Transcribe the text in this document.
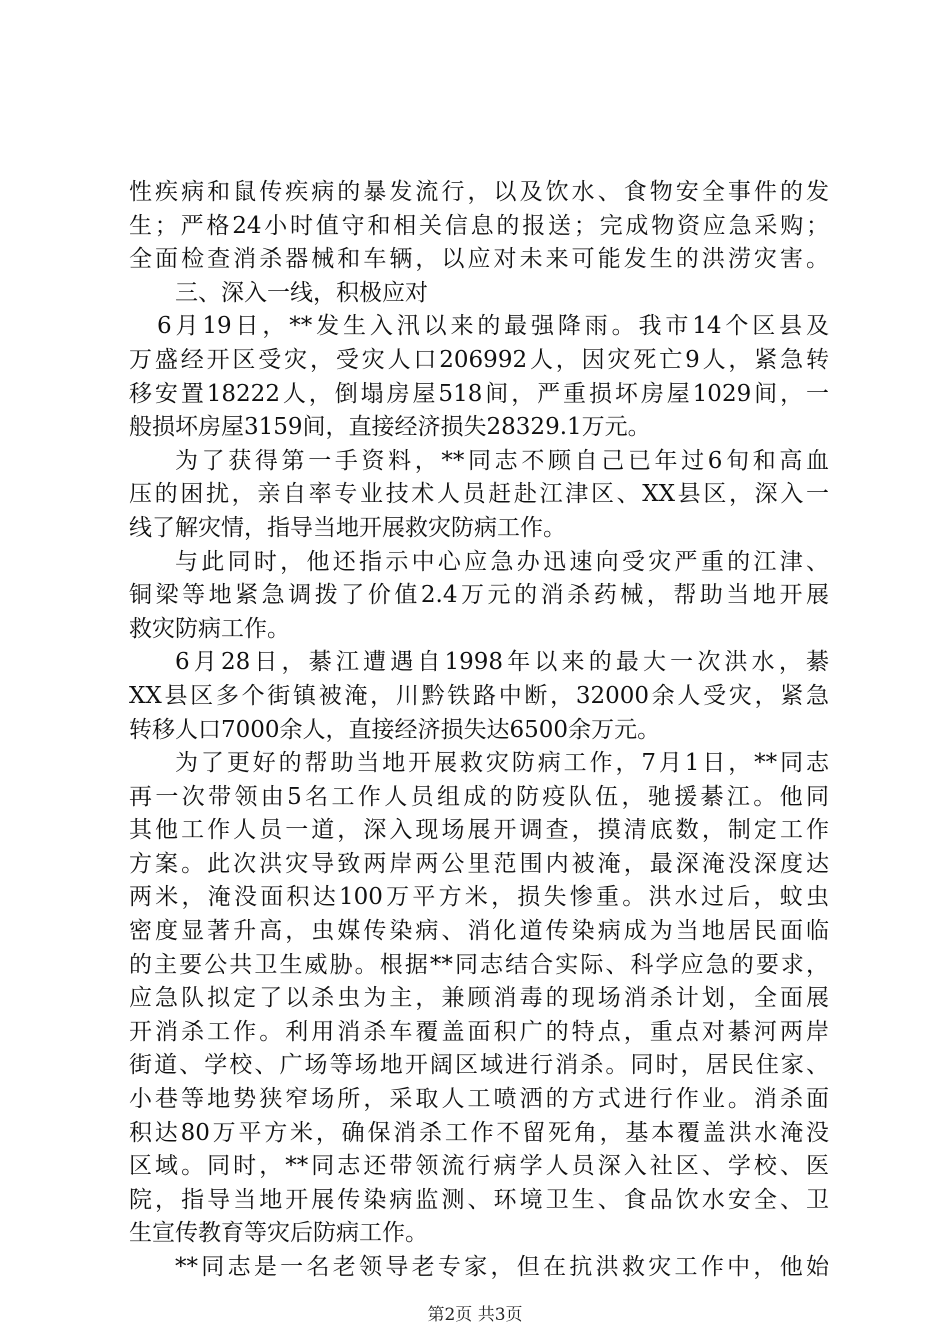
性疾病和鼠传疾病的暴发流行，以及饮水、食物安全事件的发
生；严格24小时值守和相关信息的报送；完成物资应急采购；
全面检查消杀器械和车辆，以应对未来可能发生的洪涝灾害。
三、深入一线，积极应对
6月19日，**发生入汛以来的最强降雨。我市14个区县及
万盛经开区受灾，受灾人口206992人，因灾死亡9人，紧急转
移安置18222人，倒塌房屋518间，严重损坏房屋1029间，一
般损坏房屋3159间，直接经济损失28329.1万元。
为了获得第一手资料，**同志不顾自己已年过6旬和高血
压的困扰，亲自率专业技术人员赶赴江津区、XX县区，深入一
线了解灾情，指导当地开展救灾防病工作。
与此同时，他还指示中心应急办迅速向受灾严重的江津、
铜梁等地紧急调拨了价值2.4万元的消杀药械，帮助当地开展
救灾防病工作。
6月28日，綦江遭遇自1998年以来的最大一次洪水，綦
XX县区多个街镇被淹，川黔铁路中断，32000余人受灾，紧急
转移人口7000余人，直接经济损失达6500余万元。
为了更好的帮助当地开展救灾防病工作，7月1日，**同志
再一次带领由5名工作人员组成的防疫队伍，驰援綦江。他同
其他工作人员一道，深入现场展开调查，摸清底数，制定工作
方案。此次洪灾导致两岸两公里范围内被淹，最深淹没深度达
两米，淹没面积达100万平方米，损失惨重。洪水过后，蚊虫
密度显著升高，虫媒传染病、消化道传染病成为当地居民面临
的主要公共卫生威胁。根据**同志结合实际、科学应急的要求，
应急队拟定了以杀虫为主，兼顾消毒的现场消杀计划，全面展
开消杀工作。利用消杀车覆盖面积广的特点，重点对綦河两岸
街道、学校、广场等场地开阔区域进行消杀。同时，居民住家、
小巷等地势狭窄场所，采取人工喷洒的方式进行作业。消杀面
积达80万平方米，确保消杀工作不留死角，基本覆盖洪水淹没
区域。同时，**同志还带领流行病学人员深入社区、学校、医
院，指导当地开展传染病监测、环境卫生、食品饮水安全、卫
生宣传教育等灾后防病工作。
**同志是一名老领导老专家，但在抗洪救灾工作中，他始
第2页 共3页
